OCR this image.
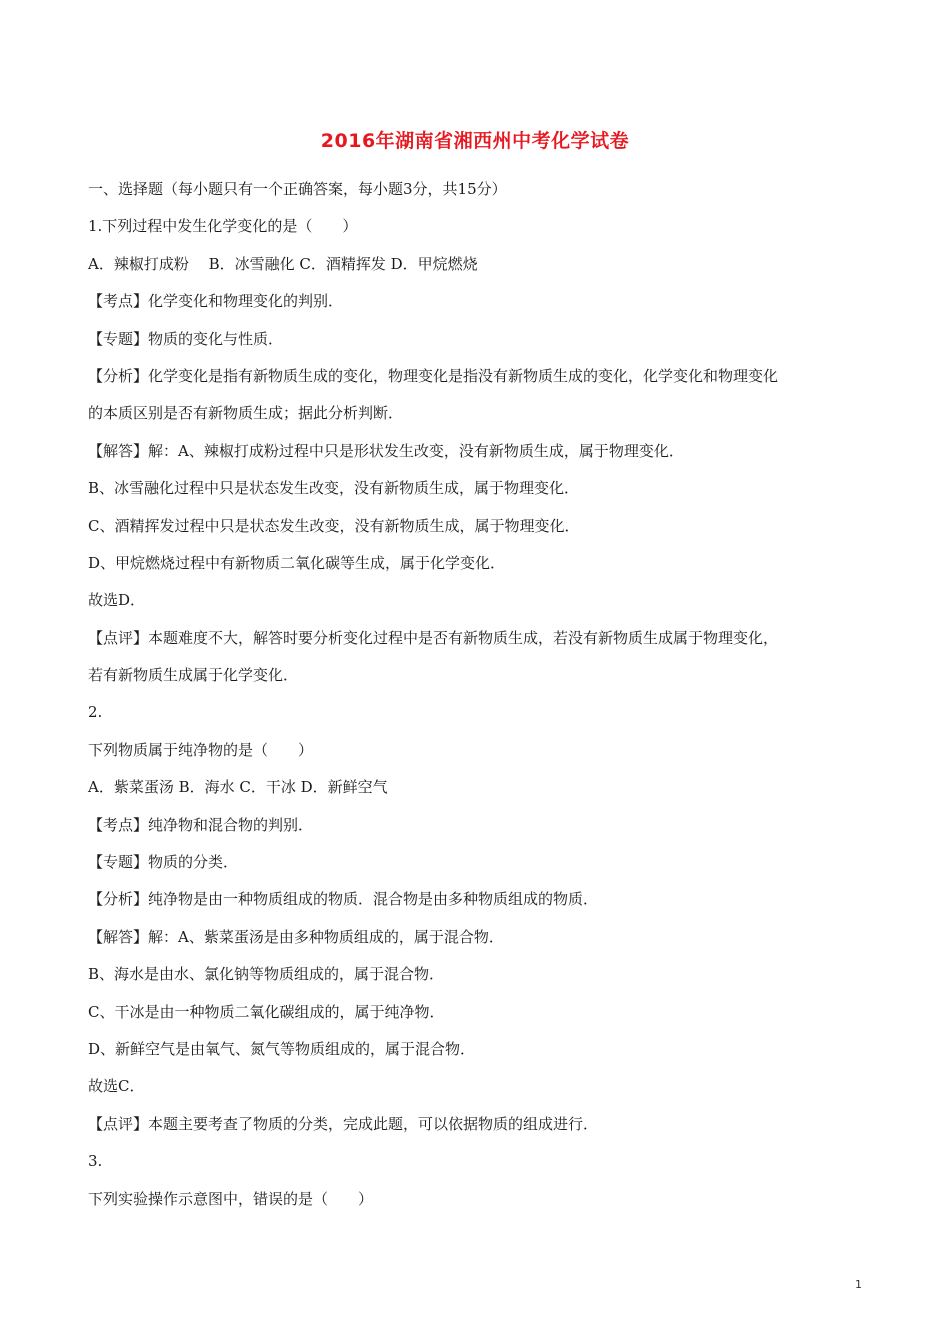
2016年湖南省湘西州中考化学试卷

一、选择题（每小题只有一个正确答案，每小题3分，共15分）

1.下列过程中发生化学变化的是（　　）

A．辣椒打成粉　 B．冰雪融化 C．酒精挥发 D．甲烷燃烧

【考点】化学变化和物理变化的判别．

【专题】物质的变化与性质．

【分析】化学变化是指有新物质生成的变化，物理变化是指没有新物质生成的变化，化学变化和物理变化

的本质区别是否有新物质生成；据此分析判断．

【解答】解：A、辣椒打成粉过程中只是形状发生改变，没有新物质生成，属于物理变化．

B、冰雪融化过程中只是状态发生改变，没有新物质生成，属于物理变化．

C、酒精挥发过程中只是状态发生改变，没有新物质生成，属于物理变化．

D、甲烷燃烧过程中有新物质二氧化碳等生成，属于化学变化．

故选D．

【点评】本题难度不大，解答时要分析变化过程中是否有新物质生成，若没有新物质生成属于物理变化，

若有新物质生成属于化学变化．

2.

下列物质属于纯净物的是（　　）

A．紫菜蛋汤 B．海水 C．干冰 D．新鲜空气

【考点】纯净物和混合物的判别．

【专题】物质的分类．

【分析】纯净物是由一种物质组成的物质．混合物是由多种物质组成的物质．

【解答】解：A、紫菜蛋汤是由多种物质组成的，属于混合物．

B、海水是由水、氯化钠等物质组成的，属于混合物．

C、干冰是由一种物质二氧化碳组成的，属于纯净物．

D、新鲜空气是由氧气、氮气等物质组成的，属于混合物．

故选C．

【点评】本题主要考查了物质的分类，完成此题，可以依据物质的组成进行．

3.

下列实验操作示意图中，错误的是（　　）

1
